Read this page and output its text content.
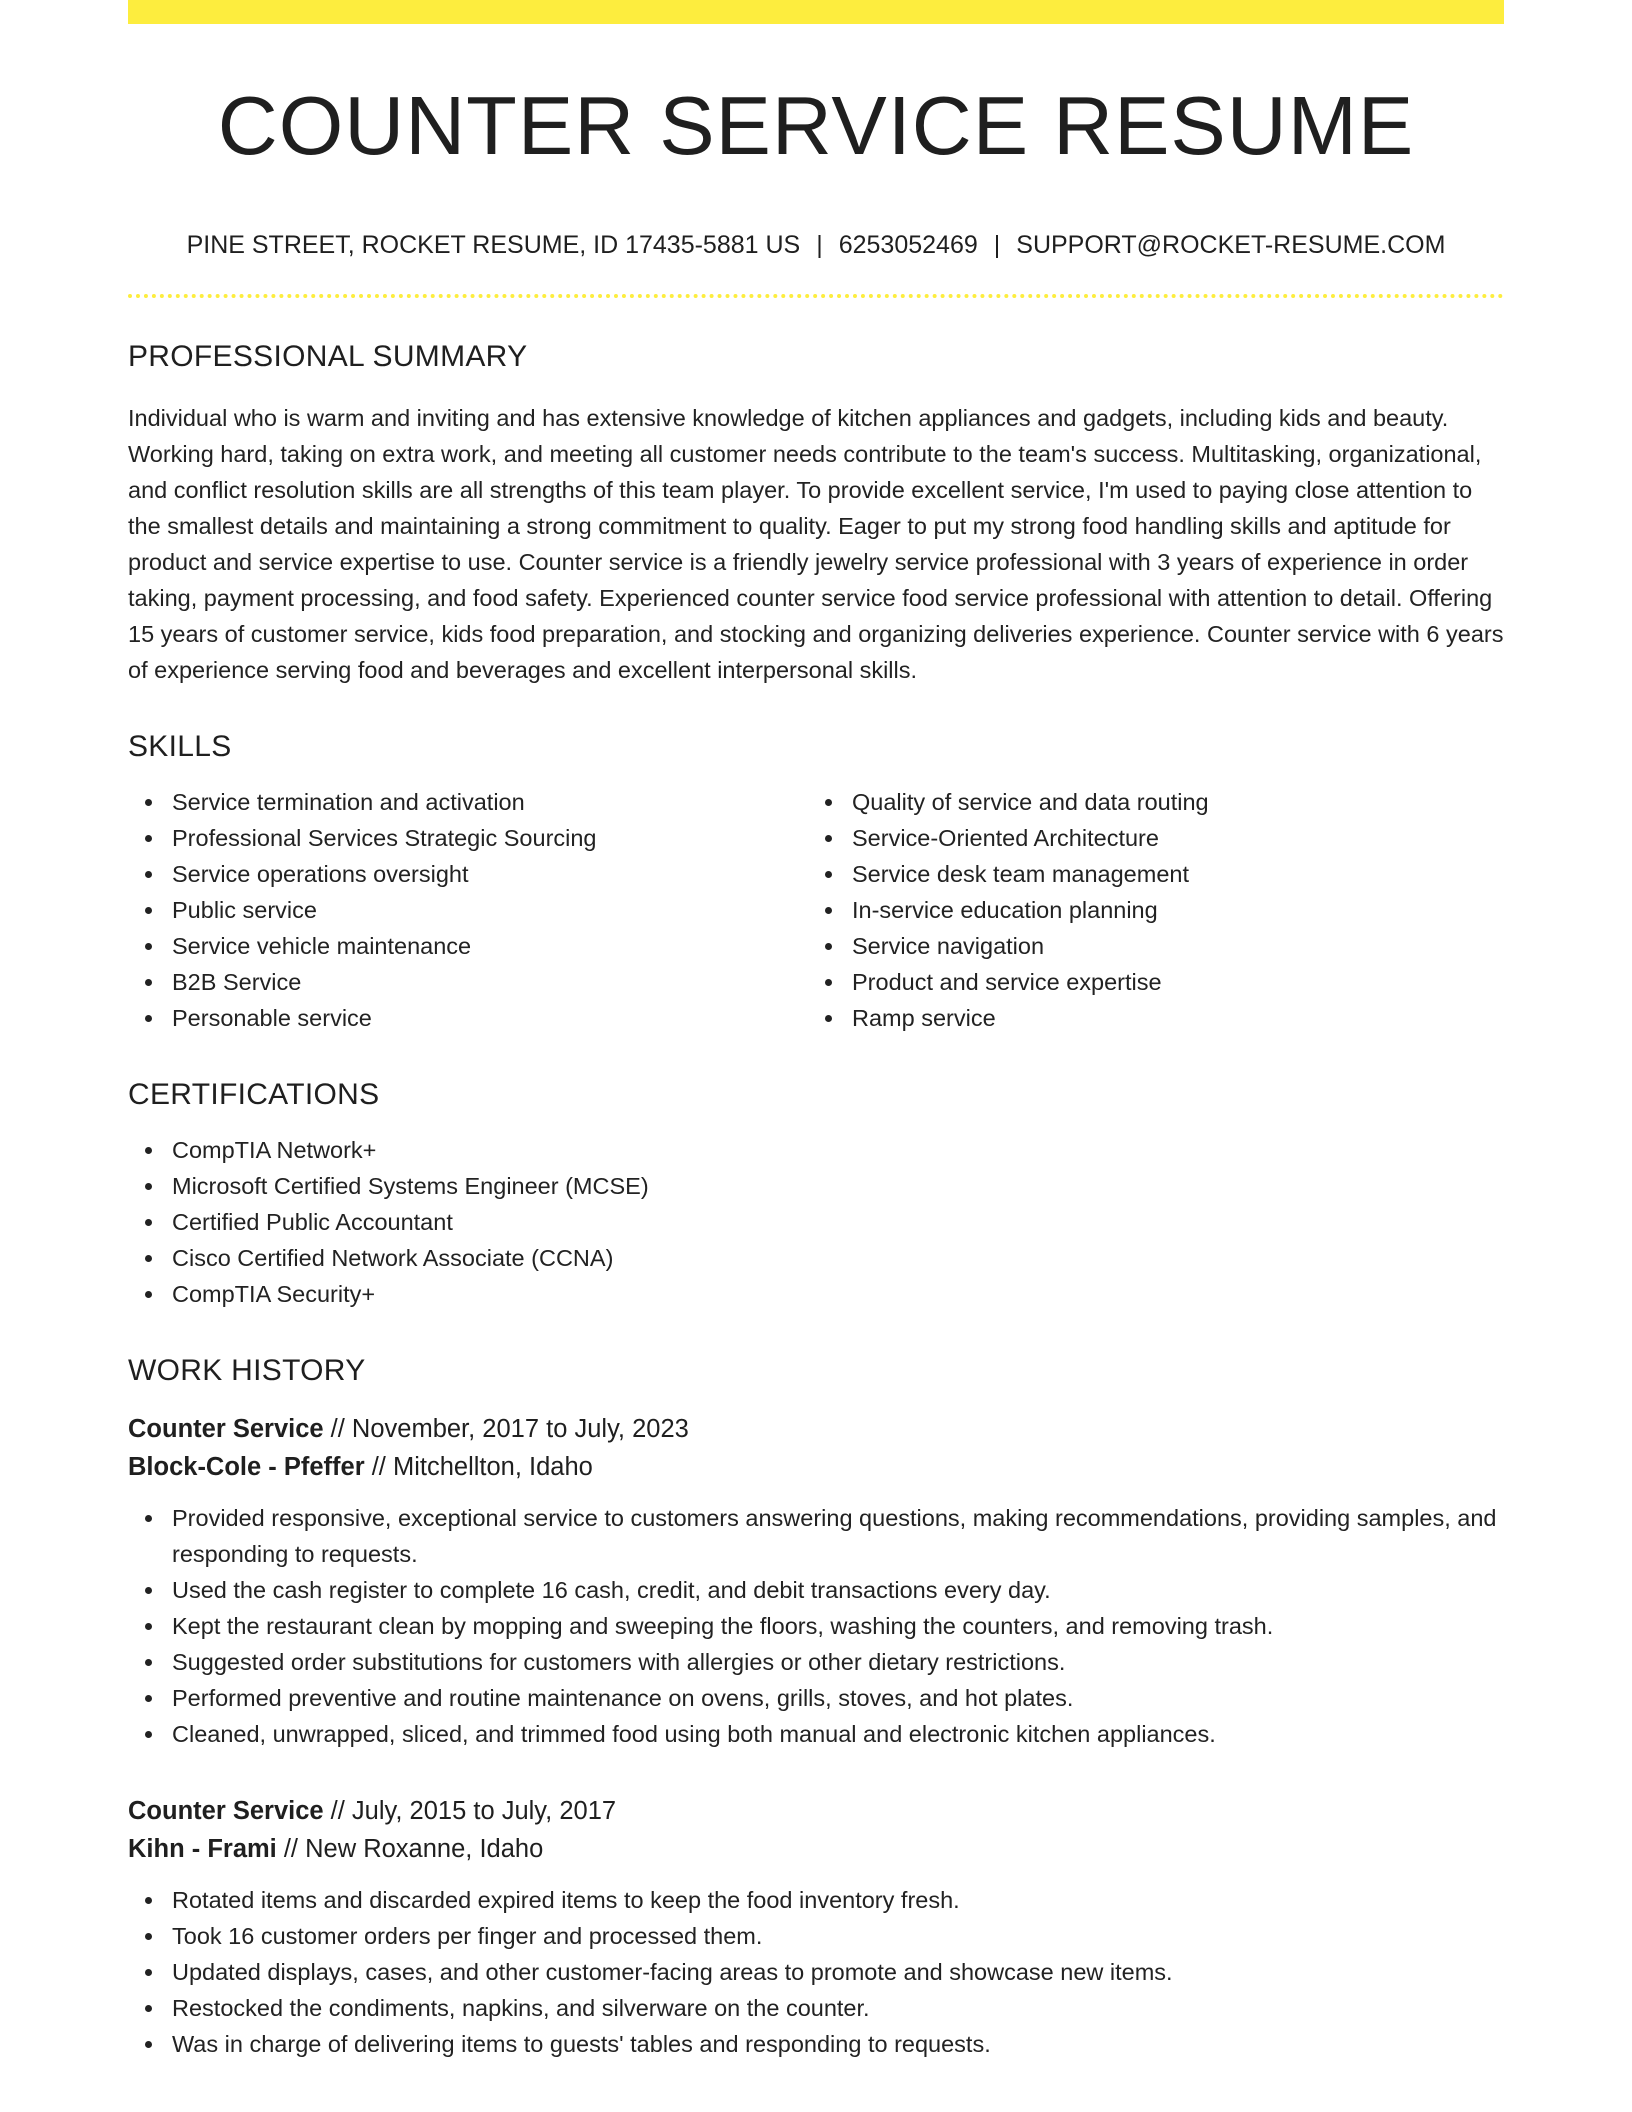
COUNTER SERVICE RESUME
PINE STREET, ROCKET RESUME, ID 17435-5881 US | 6253052469 | SUPPORT@ROCKET-RESUME.COM
PROFESSIONAL SUMMARY

Individual who is warm and inviting and has extensive knowledge of kitchen appliances and gadgets, including kids and beauty. Working hard, taking on extra work, and meeting all customer needs contribute to the team's success. Multitasking, organizational, and conflict resolution skills are all strengths of this team player. To provide excellent service, I'm used to paying close attention to the smallest details and maintaining a strong commitment to quality. Eager to put my strong food handling skills and aptitude for product and service expertise to use. Counter service is a friendly jewelry service professional with 3 years of experience in order taking, payment processing, and food safety. Experienced counter service food service professional with attention to detail. Offering 15 years of customer service, kids food preparation, and stocking and organizing deliveries experience. Counter service with 6 years of experience serving food and beverages and excellent interpersonal skills.

SKILLS
Service termination and activation
Professional Services Strategic Sourcing
Service operations oversight
Public service
Service vehicle maintenance
B2B Service
Personable service
Quality of service and data routing
Service-Oriented Architecture
Service desk team management
In-service education planning
Service navigation
Product and service expertise
Ramp service
CERTIFICATIONS
CompTIA Network+
Microsoft Certified Systems Engineer (MCSE)
Certified Public Accountant
Cisco Certified Network Associate (CCNA)
CompTIA Security+
WORK HISTORY
Counter Service // November, 2017 to July, 2023
Block-Cole - Pfeffer // Mitchellton, Idaho
Provided responsive, exceptional service to customers answering questions, making recommendations, providing samples, and responding to requests.
Used the cash register to complete 16 cash, credit, and debit transactions every day.
Kept the restaurant clean by mopping and sweeping the floors, washing the counters, and removing trash.
Suggested order substitutions for customers with allergies or other dietary restrictions.
Performed preventive and routine maintenance on ovens, grills, stoves, and hot plates.
Cleaned, unwrapped, sliced, and trimmed food using both manual and electronic kitchen appliances.
Counter Service // July, 2015 to July, 2017
Kihn - Frami // New Roxanne, Idaho
Rotated items and discarded expired items to keep the food inventory fresh.
Took 16 customer orders per finger and processed them.
Updated displays, cases, and other customer-facing areas to promote and showcase new items.
Restocked the condiments, napkins, and silverware on the counter.
Was in charge of delivering items to guests' tables and responding to requests.
